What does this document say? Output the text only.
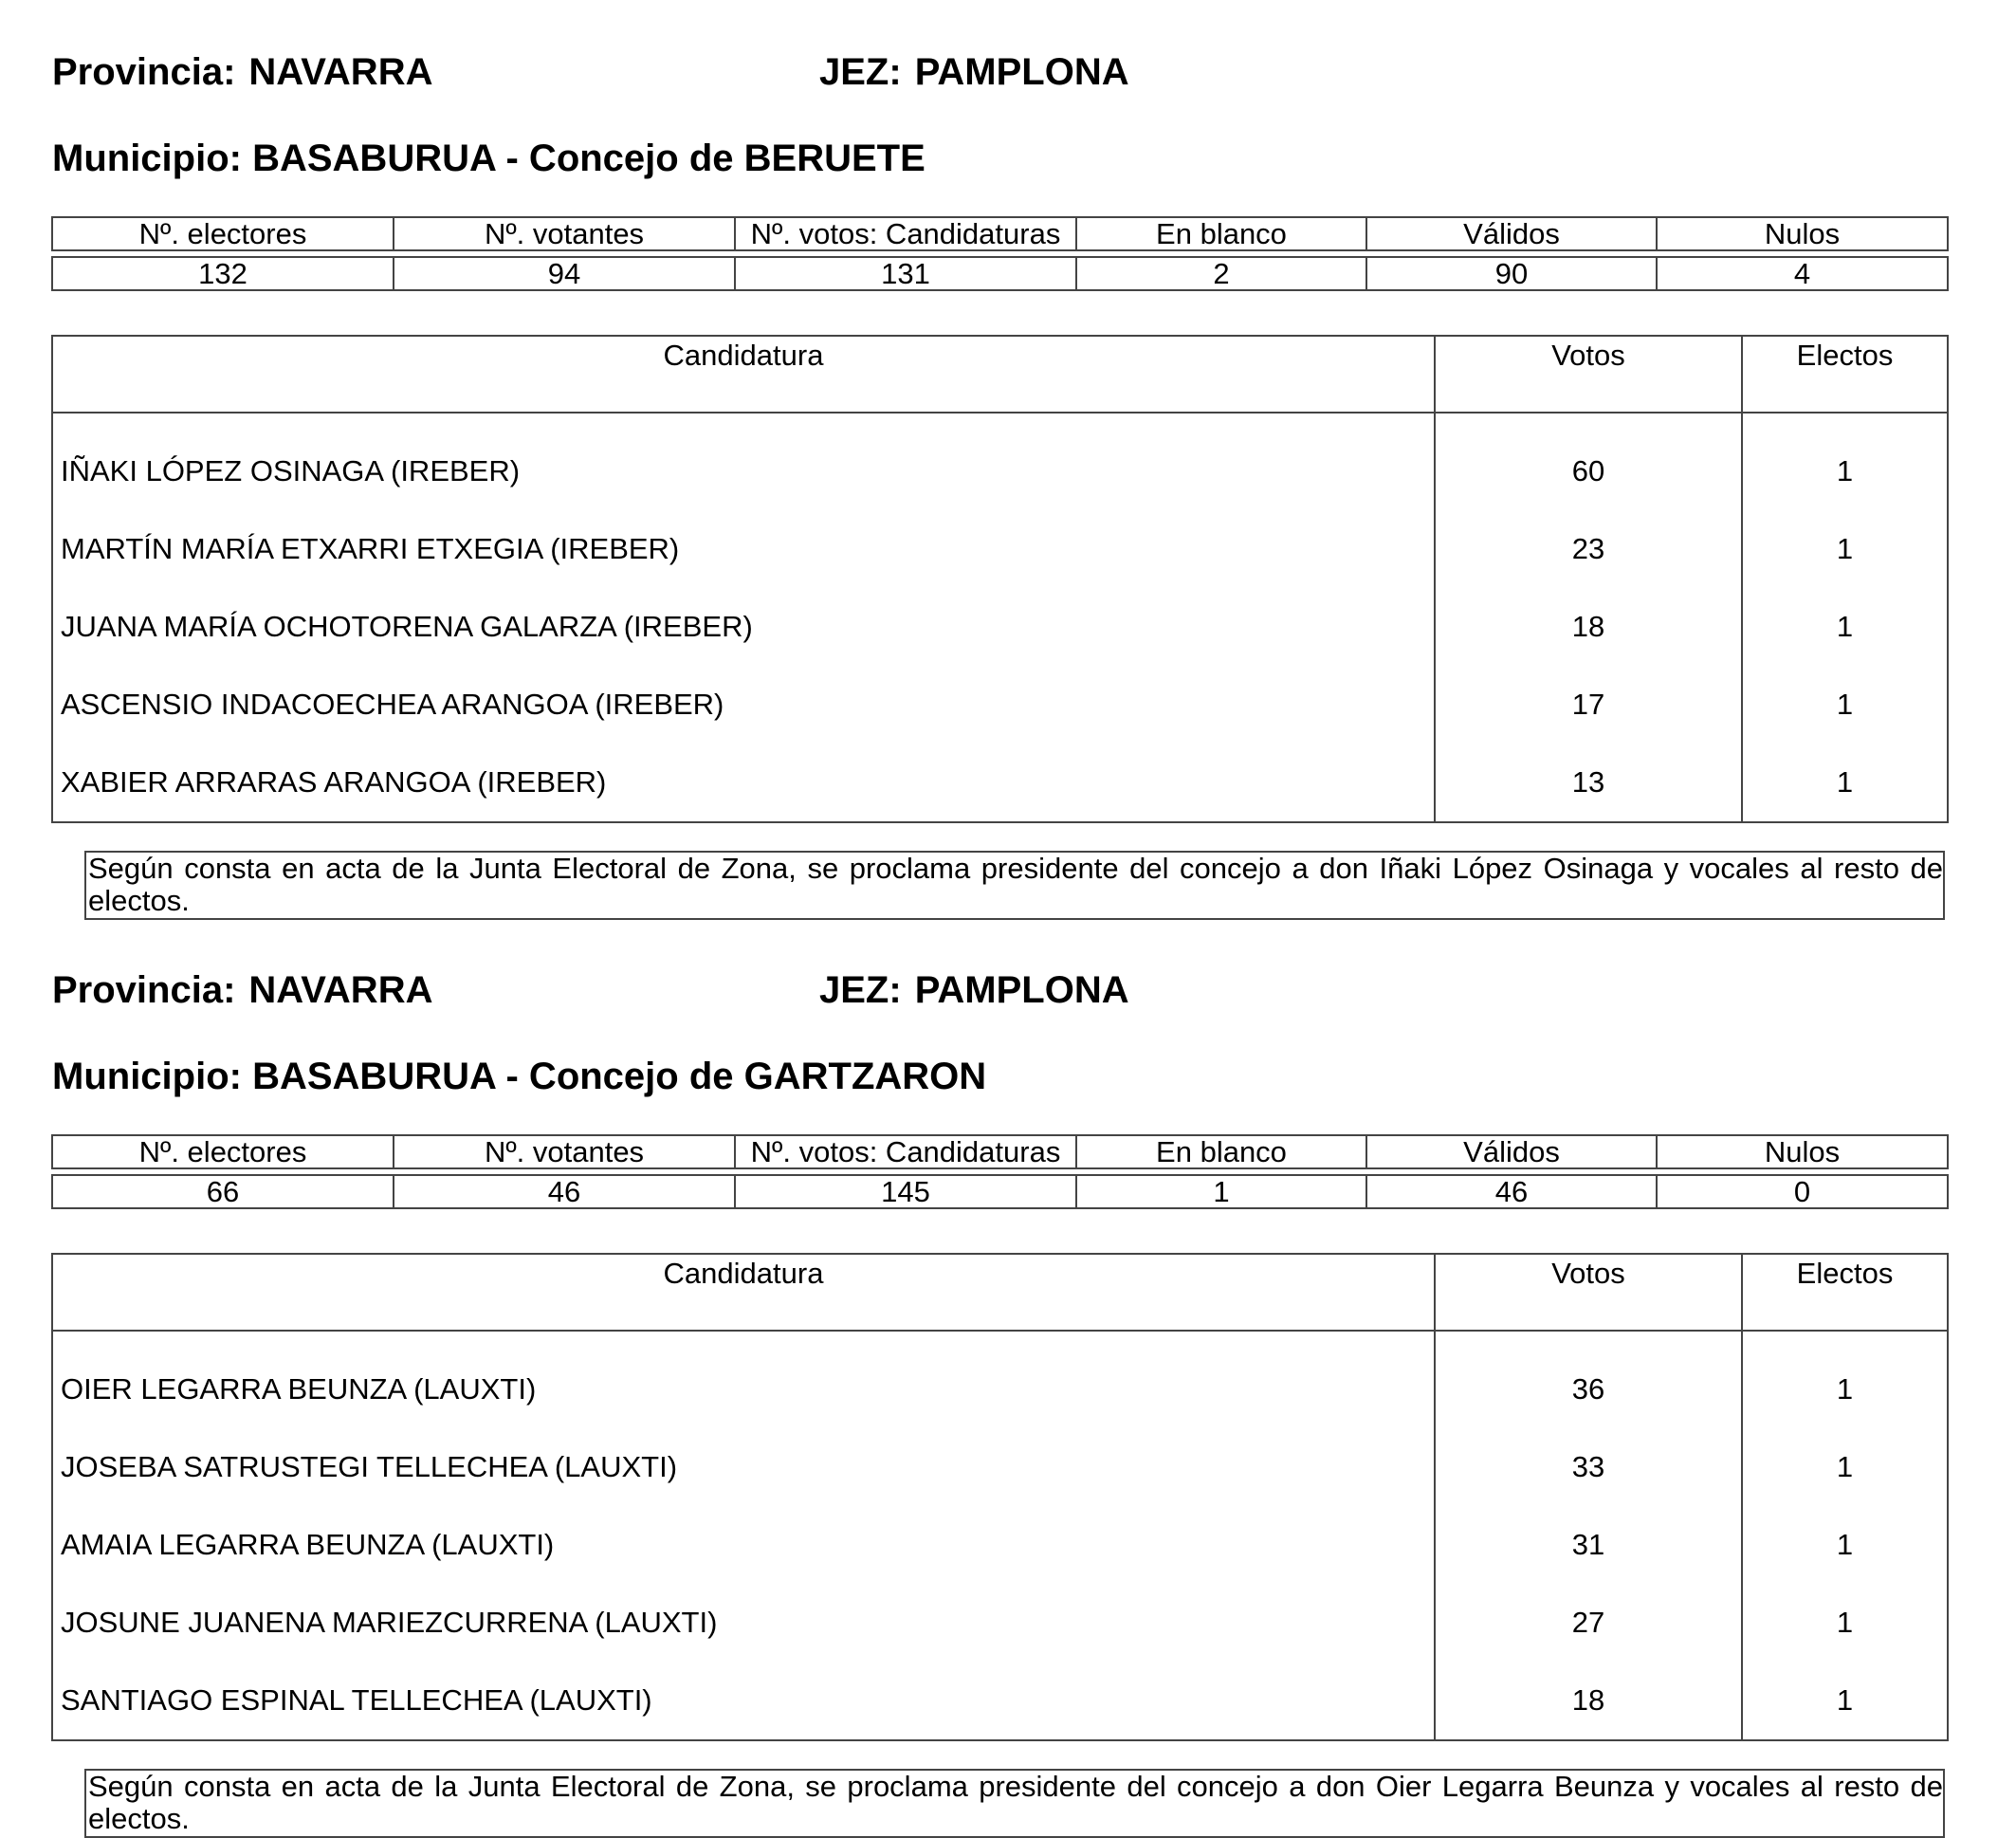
Provincia: NAVARRA	JEZ: PAMPLONA
Municipio: BASABURUA - Concejo de BERUETE
Nº. electores	Nº. votantes	Nº. votos: Candidaturas	En blanco	Válidos	Nulos
132	94	131	2	90	4
Candidatura	Votos	Electos
IÑAKI LÓPEZ OSINAGA (IREBER)	60	1
MARTÍN MARÍA ETXARRI ETXEGIA (IREBER)	23	1
JUANA MARÍA OCHOTORENA GALARZA (IREBER)	18	1
ASCENSIO INDACOECHEA ARANGOA (IREBER)	17	1
XABIER ARRARAS ARANGOA (IREBER)	13	1
Según consta en acta de la Junta Electoral de Zona, se proclama presidente del concejo a don Iñaki López Osinaga y vocales al resto de electos.
Provincia: NAVARRA	JEZ: PAMPLONA
Municipio: BASABURUA - Concejo de GARTZARON
Nº. electores	Nº. votantes	Nº. votos: Candidaturas	En blanco	Válidos	Nulos
66	46	145	1	46	0
Candidatura	Votos	Electos
OIER LEGARRA BEUNZA (LAUXTI)	36	1
JOSEBA SATRUSTEGI TELLECHEA (LAUXTI)	33	1
AMAIA LEGARRA BEUNZA (LAUXTI)	31	1
JOSUNE JUANENA MARIEZCURRENA (LAUXTI)	27	1
SANTIAGO ESPINAL TELLECHEA (LAUXTI)	18	1
Según consta en acta de la Junta Electoral de Zona, se proclama presidente del concejo a don Oier Legarra Beunza y vocales al resto de electos.
